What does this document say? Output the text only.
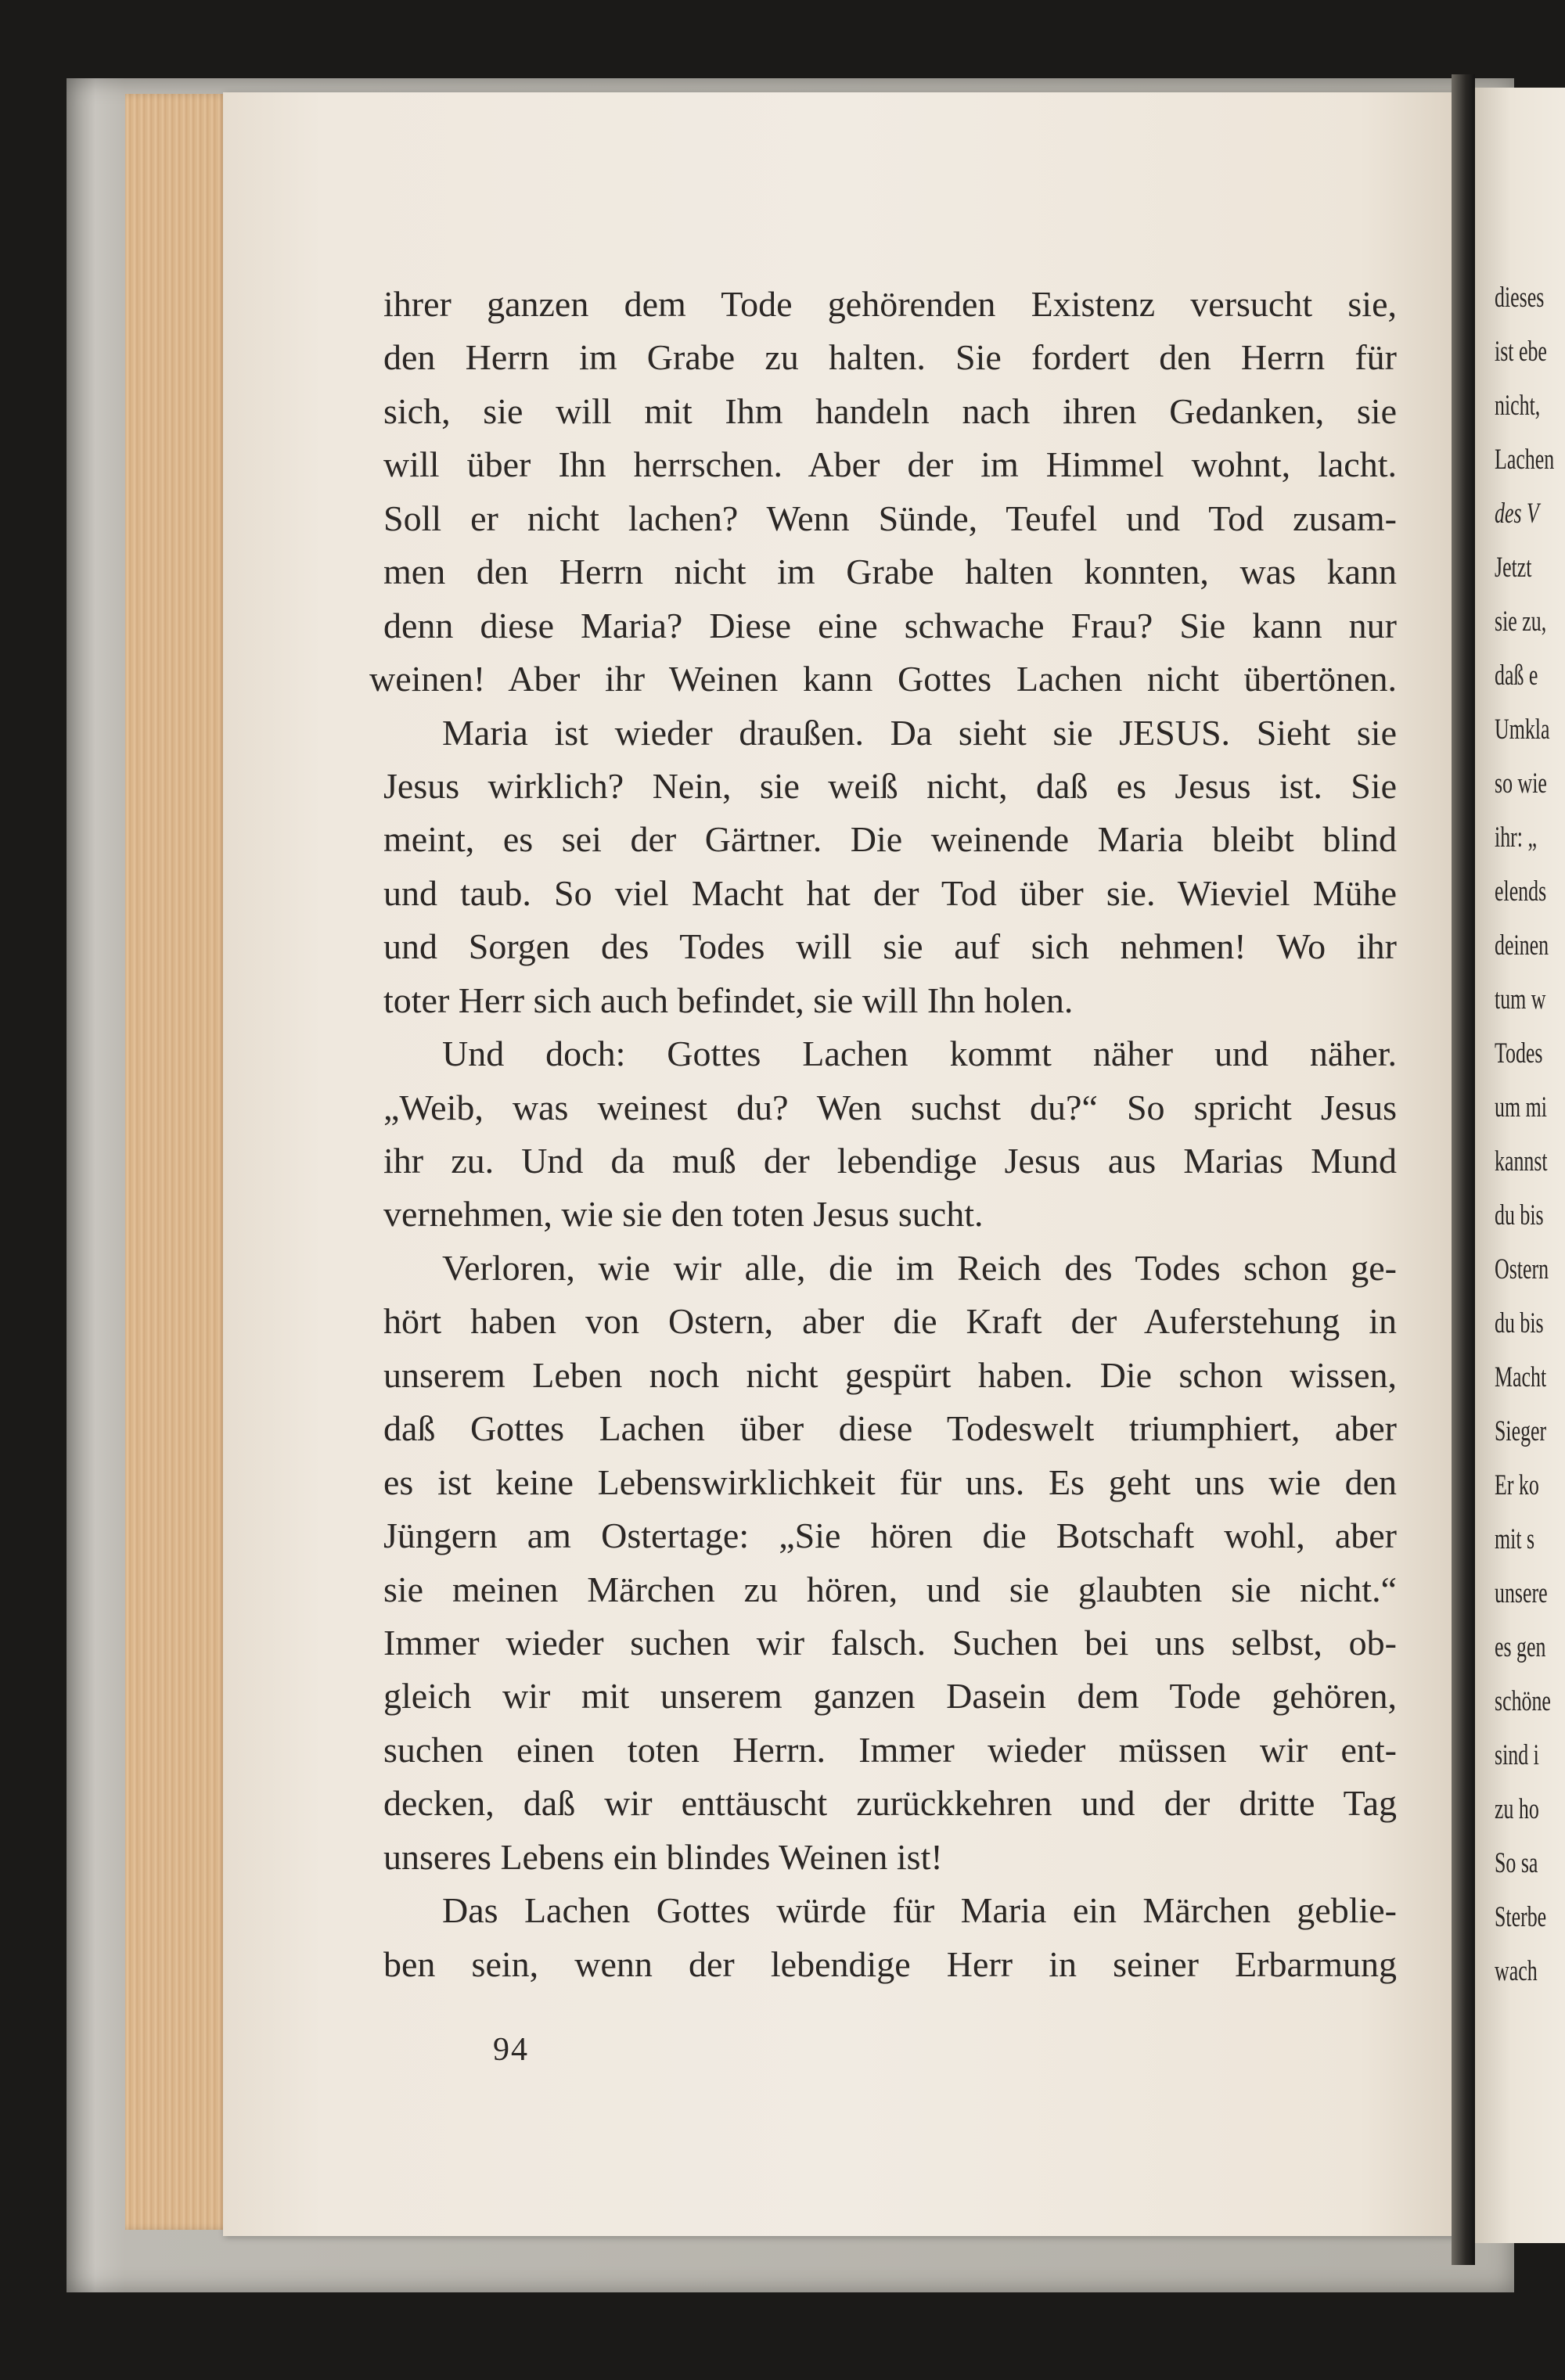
ihrer ganzen dem Tode gehörenden Existenz versucht sie,

den Herrn im Grabe zu halten. Sie fordert den Herrn für

sich, sie will mit Ihm handeln nach ihren Gedanken, sie

will über Ihn herrschen. Aber der im Himmel wohnt, lacht.

Soll er nicht lachen? Wenn Sünde, Teufel und Tod zusam-

men den Herrn nicht im Grabe halten konnten, was kann

denn diese Maria? Diese eine schwache Frau? Sie kann nur

weinen! Aber ihr Weinen kann Gottes Lachen nicht übertönen.

Maria ist wieder draußen. Da sieht sie JESUS. Sieht sie

Jesus wirklich? Nein, sie weiß nicht, daß es Jesus ist. Sie

meint, es sei der Gärtner. Die weinende Maria bleibt blind

und taub. So viel Macht hat der Tod über sie. Wieviel Mühe

und Sorgen des Todes will sie auf sich nehmen! Wo ihr

toter Herr sich auch befindet, sie will Ihn holen.

Und doch: Gottes Lachen kommt näher und näher.

„Weib, was weinest du? Wen suchst du?“ So spricht Jesus

ihr zu. Und da muß der lebendige Jesus aus Marias Mund

vernehmen, wie sie den toten Jesus sucht.

Verloren, wie wir alle, die im Reich des Todes schon ge-

hört haben von Ostern, aber die Kraft der Auferstehung in

unserem Leben noch nicht gespürt haben. Die schon wissen,

daß Gottes Lachen über diese Todeswelt triumphiert, aber

es ist keine Lebenswirklichkeit für uns. Es geht uns wie den

Jüngern am Ostertage: „Sie hören die Botschaft wohl, aber

sie meinen Märchen zu hören, und sie glaubten sie nicht.“

Immer wieder suchen wir falsch. Suchen bei uns selbst, ob-

gleich wir mit unserem ganzen Dasein dem Tode gehören,

suchen einen toten Herrn. Immer wieder müssen wir ent-

decken, daß wir enttäuscht zurückkehren und der dritte Tag

unseres Lebens ein blindes Weinen ist!

Das Lachen Gottes würde für Maria ein Märchen geblie-

ben sein, wenn der lebendige Herr in seiner Erbarmung

94

dieses

ist ebe

nicht,

Lachen

des V

Jetzt

sie zu,

daß e

Umkla

so wie

ihr: „

elends

deinen

tum w

Todes

um mi

kannst

du bis

Ostern

du bis

Macht

Sieger

Er ko

mit s

unsere

es gen

schöne

sind i

zu ho

So sa

Sterbe

wach
